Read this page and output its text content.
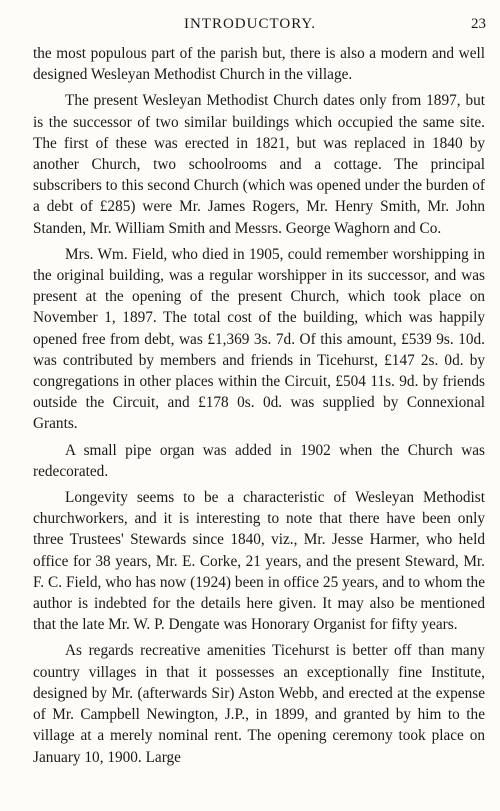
INTRODUCTORY.	23

the most populous part of the parish but, there is also a modern and well designed Wesleyan Methodist Church in the village.

The present Wesleyan Methodist Church dates only from 1897, but is the successor of two similar buildings which occupied the same site. The first of these was erected in 1821, but was replaced in 1840 by another Church, two schoolrooms and a cottage. The principal subscribers to this second Church (which was opened under the burden of a debt of £285) were Mr. James Rogers, Mr. Henry Smith, Mr. John Standen, Mr. William Smith and Messrs. George Waghorn and Co.

Mrs. Wm. Field, who died in 1905, could remember worshipping in the original building, was a regular worshipper in its successor, and was present at the opening of the present Church, which took place on November 1, 1897. The total cost of the building, which was happily opened free from debt, was £1,369 3s. 7d. Of this amount, £539 9s. 10d. was contributed by members and friends in Ticehurst, £147 2s. 0d. by congregations in other places within the Circuit, £504 11s. 9d. by friends outside the Circuit, and £178 0s. 0d. was supplied by Connexional Grants.

A small pipe organ was added in 1902 when the Church was redecorated.

Longevity seems to be a characteristic of Wesleyan Methodist churchworkers, and it is interesting to note that there have been only three Trustees' Stewards since 1840, viz., Mr. Jesse Harmer, who held office for 38 years, Mr. E. Corke, 21 years, and the present Steward, Mr. F. C. Field, who has now (1924) been in office 25 years, and to whom the author is indebted for the details here given. It may also be mentioned that the late Mr. W. P. Dengate was Honorary Organist for fifty years.

As regards recreative amenities Ticehurst is better off than many country villages in that it possesses an exceptionally fine Institute, designed by Mr. (afterwards Sir) Aston Webb, and erected at the expense of Mr. Campbell Newington, J.P., in 1899, and granted by him to the village at a merely nominal rent. The opening ceremony took place on January 10, 1900. Large
